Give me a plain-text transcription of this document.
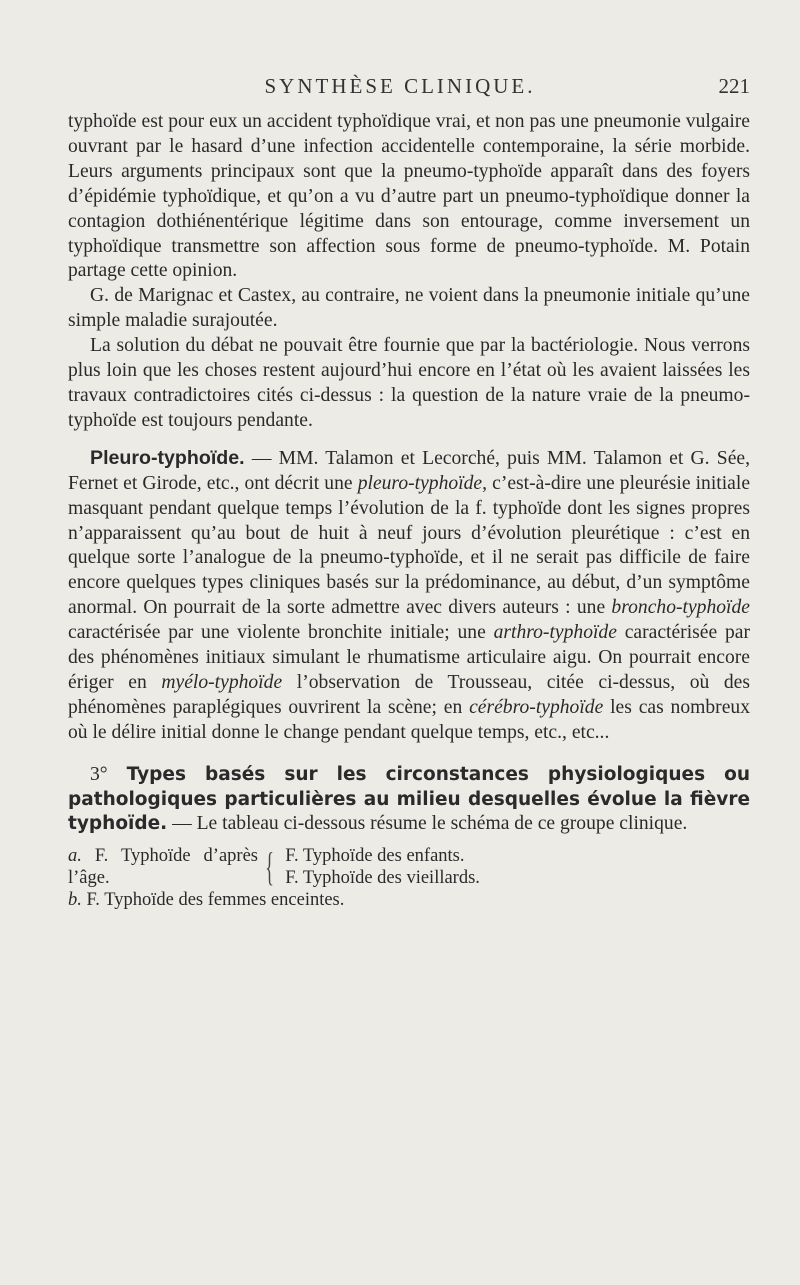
SYNTHÈSE CLINIQUE.	221

typhoïde est pour eux un accident typhoïdique vrai, et non pas une pneumonie vulgaire ouvrant par le hasard d’une infection accidentelle contemporaine, la série morbide. Leurs arguments principaux sont que la pneumo-typhoïde apparaît dans des foyers d’épidémie typhoïdique, et qu’on a vu d’autre part un pneumo-typhoïdique donner la contagion dothiénentérique légitime dans son entourage, comme inversement un typhoïdique transmettre son affection sous forme de pneumo-typhoïde. M. Potain partage cette opinion.

G. de Marignac et Castex, au contraire, ne voient dans la pneumonie initiale qu’une simple maladie surajoutée.

La solution du débat ne pouvait être fournie que par la bactériologie. Nous verrons plus loin que les choses restent aujourd’hui encore en l’état où les avaient laissées les travaux contradictoires cités ci-dessus : la question de la nature vraie de la pneumo-typhoïde est toujours pendante.

Pleuro-typhoïde. — MM. Talamon et Lecorché, puis MM. Talamon et G. Sée, Fernet et Girode, etc., ont décrit une pleuro-typhoïde, c’est-à-dire une pleurésie initiale masquant pendant quelque temps l’évolution de la f. typhoïde dont les signes propres n’apparaissent qu’au bout de huit à neuf jours d’évolution pleurétique : c’est en quelque sorte l’analogue de la pneumo-typhoïde, et il ne serait pas difficile de faire encore quelques types cliniques basés sur la prédominance, au début, d’un symptôme anormal. On pourrait de la sorte admettre avec divers auteurs : une broncho-typhoïde caractérisée par une violente bronchite initiale; une arthro-typhoïde caractérisée par des phénomènes initiaux simulant le rhumatisme articulaire aigu. On pourrait encore ériger en myélo-typhoïde l’observation de Trousseau, citée ci-dessus, où des phénomènes paraplégiques ouvrirent la scène; en cérébro-typhoïde les cas nombreux où le délire initial donne le change pendant quelque temps, etc., etc...

3° Types basés sur les circonstances physiologiques ou pathologiques particulières au milieu desquelles évolue la fièvre typhoïde. — Le tableau ci-dessous résume le schéma de ce groupe clinique.

a. F. Typhoïde d’après l’âge.	{ F. Typhoïde des enfants.
F. Typhoïde des vieillards.
b. F. Typhoïde des femmes enceintes.
